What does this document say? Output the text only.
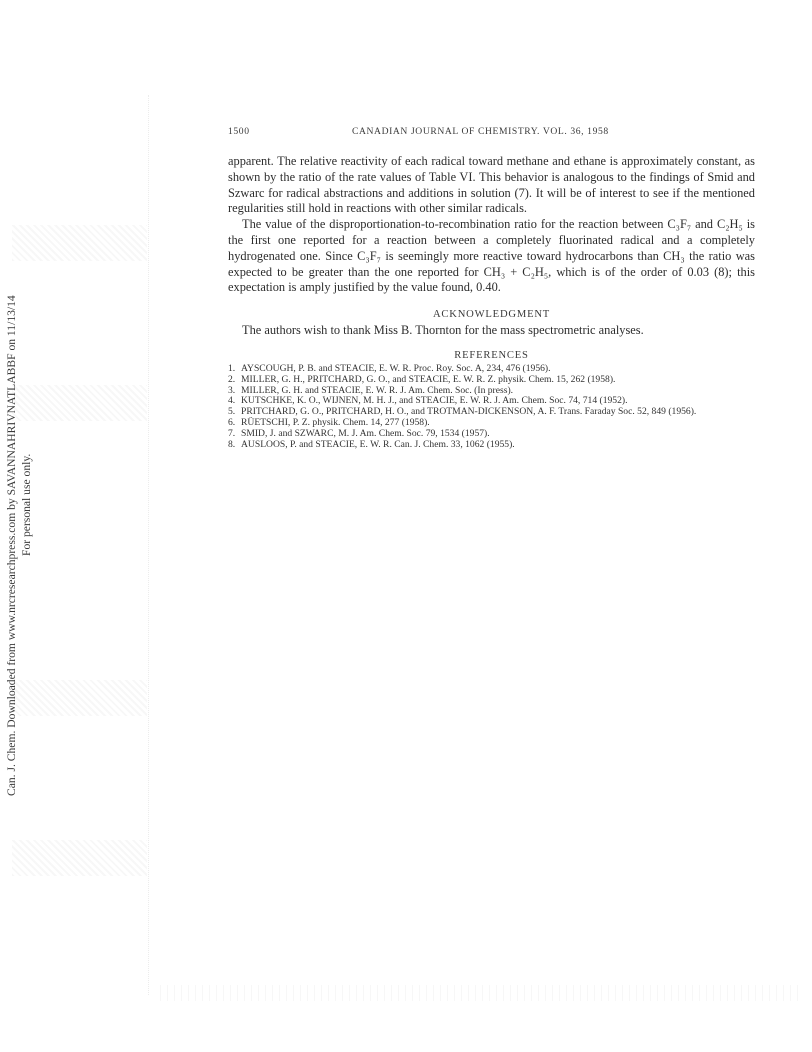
Can. J. Chem. Downloaded from www.nrcresearchpress.com by SAVANNAHRIVNATLABBF on 11/13/14 For personal use only.
1500	CANADIAN JOURNAL OF CHEMISTRY. VOL. 36, 1958

apparent. The relative reactivity of each radical toward methane and ethane is approximately constant, as shown by the ratio of the rate values of Table VI. This behavior is analogous to the findings of Smid and Szwarc for radical abstractions and additions in solution (7). It will be of interest to see if the mentioned regularities still hold in reactions with other similar radicals.

The value of the disproportionation-to-recombination ratio for the reaction between C₃F₇ and C₂H₅ is the first one reported for a reaction between a completely fluorinated radical and a completely hydrogenated one. Since C₃F₇ is seemingly more reactive toward hydrocarbons than CH₃ the ratio was expected to be greater than the one reported for CH₃ + C₂H₅, which is of the order of 0.03 (8); this expectation is amply justified by the value found, 0.40.

ACKNOWLEDGMENT
The authors wish to thank Miss B. Thornton for the mass spectrometric analyses.
REFERENCES
1. AYSCOUGH, P. B. and STEACIE, E. W. R. Proc. Roy. Soc. A, 234, 476 (1956).
2. MILLER, G. H., PRITCHARD, G. O., and STEACIE, E. W. R. Z. physik. Chem. 15, 262 (1958).
3. MILLER, G. H. and STEACIE, E. W. R. J. Am. Chem. Soc. (In press).
4. KUTSCHKE, K. O., WIJNEN, M. H. J., and STEACIE, E. W. R. J. Am. Chem. Soc. 74, 714 (1952).
5. PRITCHARD, G. O., PRITCHARD, H. O., and TROTMAN-DICKENSON, A. F. Trans. Faraday Soc. 52, 849 (1956).
6. RÜETSCHI, P. Z. physik. Chem. 14, 277 (1958).
7. SMID, J. and SZWARC, M. J. Am. Chem. Soc. 79, 1534 (1957).
8. AUSLOOS, P. and STEACIE, E. W. R. Can. J. Chem. 33, 1062 (1955).
